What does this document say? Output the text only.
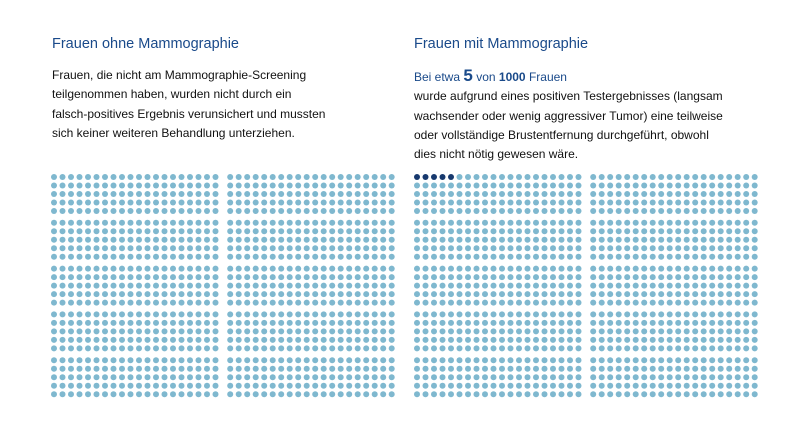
Frauen ohne Mammographie
Frauen, die nicht am Mammographie-Screening
teilgenommen haben, wurden nicht durch ein
falsch-positives Ergebnis verunsichert und mussten
sich keiner weiteren Behandlung unterziehen.
Frauen mit Mammographie
Bei etwa 5 von 1000 Frauen
wurde aufgrund eines positiven Testergebnisses (langsam
wachsender oder wenig aggressiver Tumor) eine teilweise
oder vollständige Brustentfernung durchgeführt, obwohl
dies nicht nötig gewesen wäre.
